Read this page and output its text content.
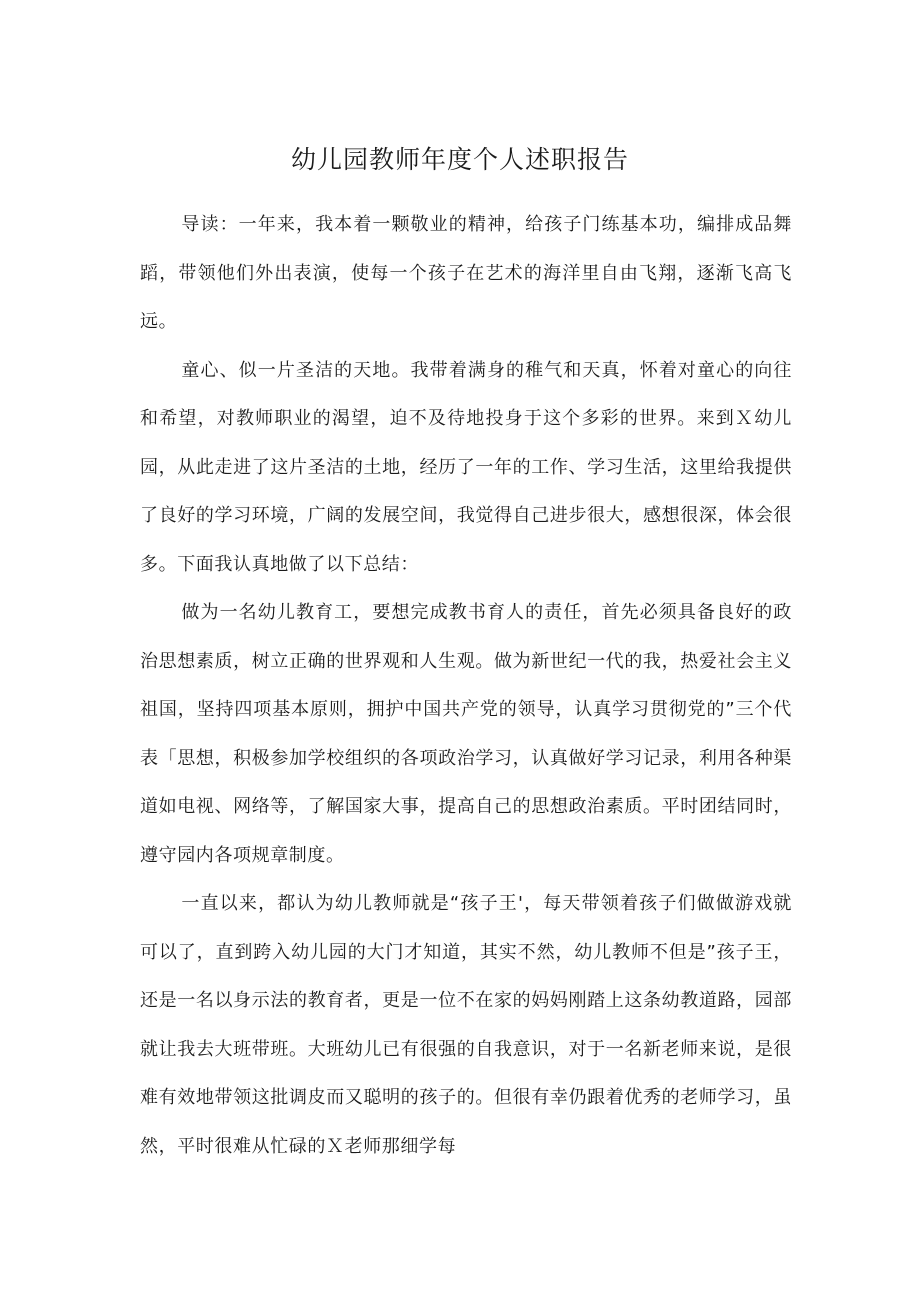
幼儿园教师年度个人述职报告

导读：一年来，我本着一颗敬业的精神，给孩子门练基本功，编排成品舞蹈，带领他们外出表演，使每一个孩子在艺术的海洋里自由飞翔，逐渐飞高飞远。

童心、似一片圣洁的天地。我带着满身的稚气和天真，怀着对童心的向往和希望，对教师职业的渴望，迫不及待地投身于这个多彩的世界。来到Ｘ幼儿园，从此走进了这片圣洁的土地，经历了一年的工作、学习生活，这里给我提供了良好的学习环境，广阔的发展空间，我觉得自己进步很大，感想很深，体会很多。下面我认真地做了以下总结：

做为一名幼儿教育工，要想完成教书育人的责任，首先必须具备良好的政治思想素质，树立正确的世界观和人生观。做为新世纪一代的我，热爱社会主义祖国，坚持四项基本原则，拥护中国共产党的领导，认真学习贯彻党的”三个代表「思想，积极参加学校组织的各项政治学习，认真做好学习记录，利用各种渠道如电视、网络等，了解国家大事，提高自己的思想政治素质。平时团结同时，遵守园内各项规章制度。

一直以来，都认为幼儿教师就是“孩子王'，每天带领着孩子们做做游戏就可以了，直到跨入幼儿园的大门才知道，其实不然，幼儿教师不但是”孩子王，还是一名以身示法的教育者，更是一位不在家的妈妈刚踏上这条幼教道路，园部就让我去大班带班。大班幼儿已有很强的自我意识，对于一名新老师来说，是很难有效地带领这批调皮而又聪明的孩子的。但很有幸仍跟着优秀的老师学习，虽然，平时很难从忙碌的Ｘ老师那细学每
